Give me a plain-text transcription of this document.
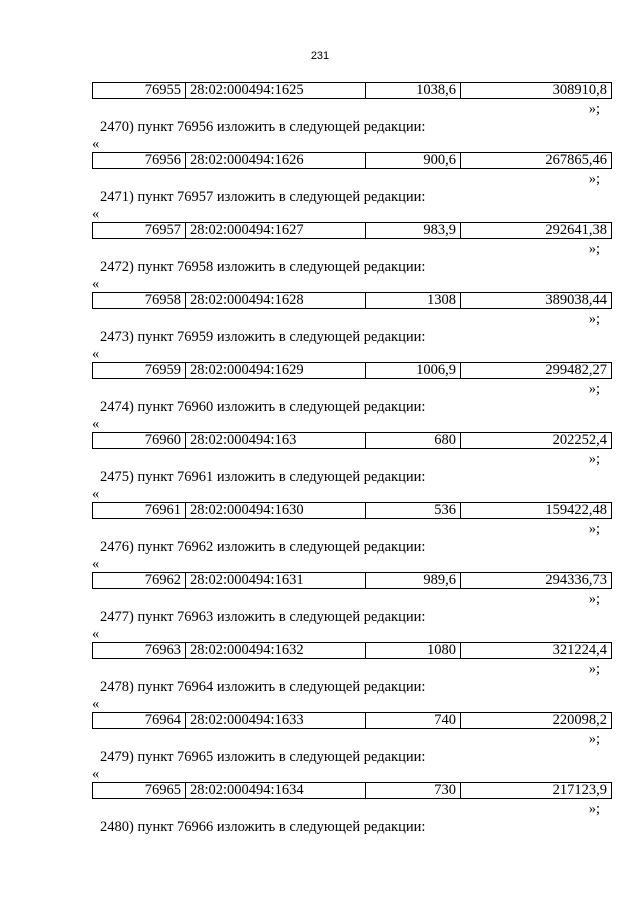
231
76955 28:02:000494:1625	1038,6	308910,8
»;
2470) пункт 76956 изложить в следующей редакции:
«
76956 28:02:000494:1626	900,6	267865,46
»;
2471) пункт 76957 изложить в следующей редакции:
«
76957 28:02:000494:1627	983,9	292641,38
»;
2472) пункт 76958 изложить в следующей редакции:
«
76958 28:02:000494:1628	1308	389038,44
»;
2473) пункт 76959 изложить в следующей редакции:
«
76959 28:02:000494:1629	1006,9	299482,27
»;
2474) пункт 76960 изложить в следующей редакции:
«
76960 28:02:000494:163	680	202252,4
»;
2475) пункт 76961 изложить в следующей редакции:
«
76961 28:02:000494:1630	536	159422,48
»;
2476) пункт 76962 изложить в следующей редакции:
«
76962 28:02:000494:1631	989,6	294336,73
»;
2477) пункт 76963 изложить в следующей редакции:
«
76963 28:02:000494:1632	1080	321224,4
»;
2478) пункт 76964 изложить в следующей редакции:
«
76964 28:02:000494:1633	740	220098,2
»;
2479) пункт 76965 изложить в следующей редакции:
«
76965 28:02:000494:1634	730	217123,9
»;
2480) пункт 76966 изложить в следующей редакции:
